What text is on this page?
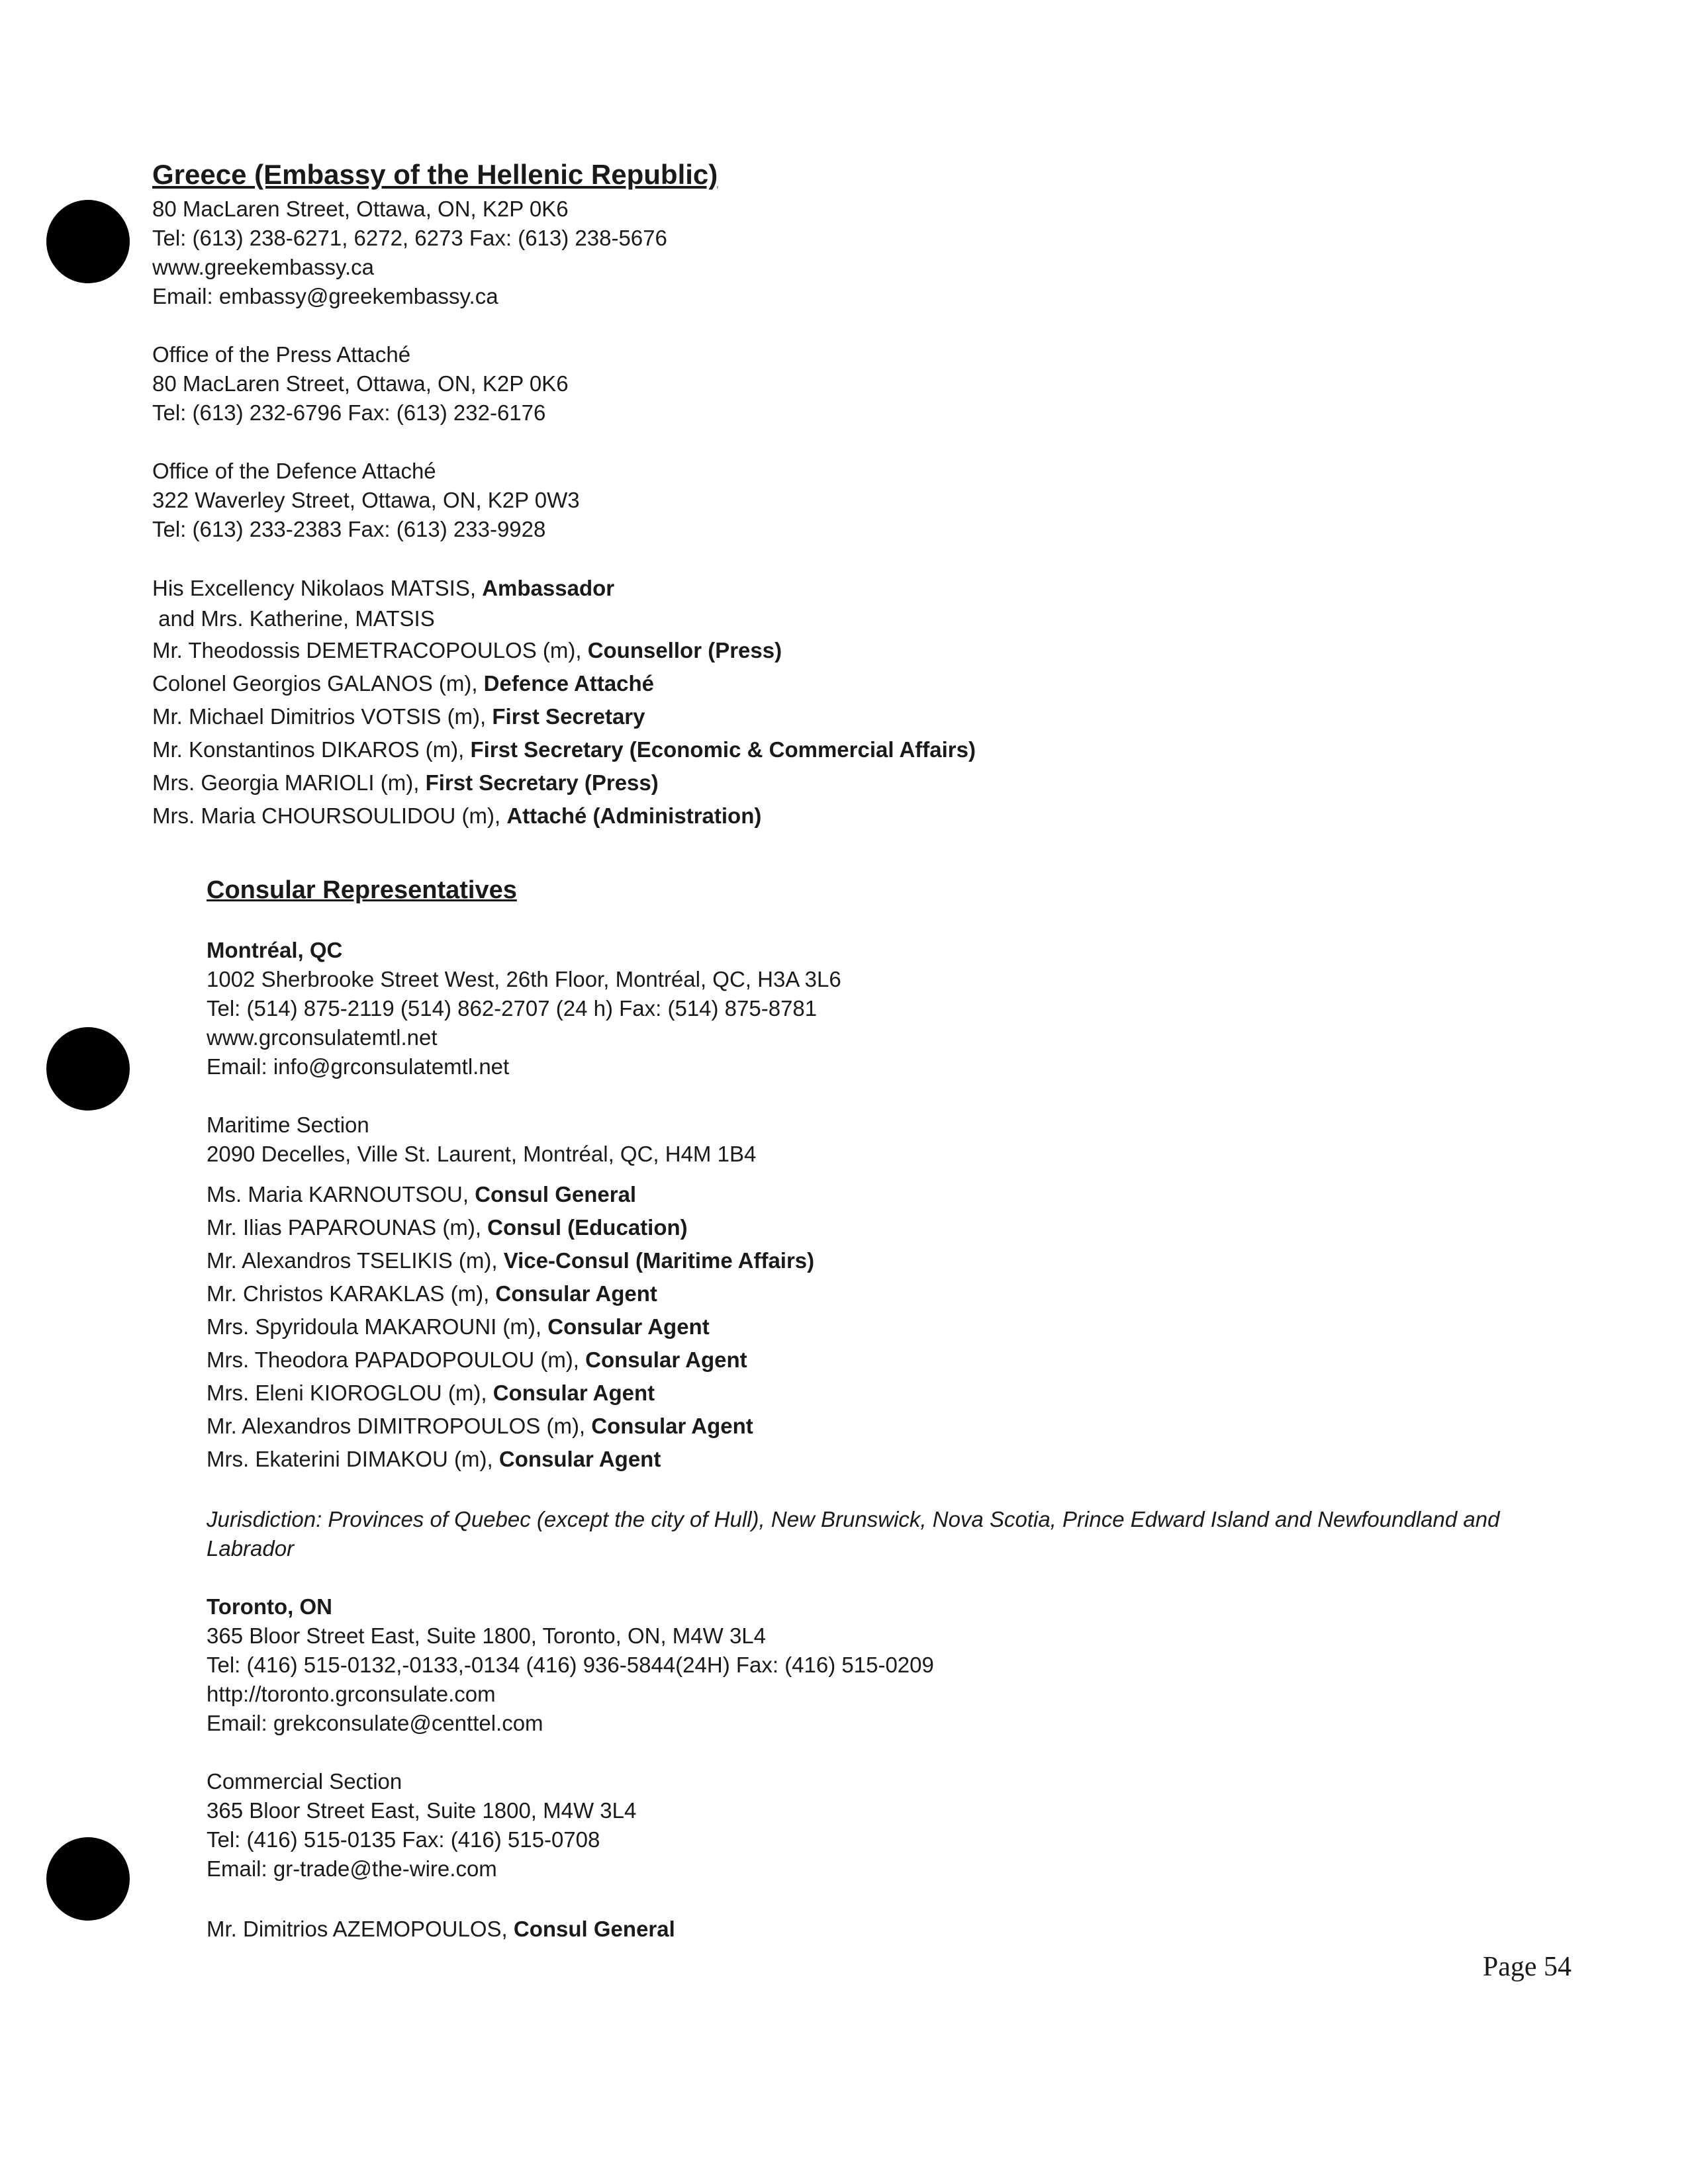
Greece (Embassy of the Hellenic Republic)
80 MacLaren Street, Ottawa, ON, K2P 0K6
Tel: (613) 238-6271, 6272, 6273 Fax: (613) 238-5676
www.greekembassy.ca
Email: embassy@greekembassy.ca
Office of the Press Attaché
80 MacLaren Street, Ottawa, ON, K2P 0K6
Tel: (613) 232-6796 Fax: (613) 232-6176
Office of the Defence Attaché
322 Waverley Street, Ottawa, ON, K2P 0W3
Tel: (613) 233-2383 Fax: (613) 233-9928
His Excellency Nikolaos MATSIS, Ambassador
and Mrs. Katherine, MATSIS
Mr. Theodossis DEMETRACOPOULOS (m), Counsellor (Press)
Colonel Georgios GALANOS (m), Defence Attaché
Mr. Michael Dimitrios VOTSIS (m), First Secretary
Mr. Konstantinos DIKAROS (m), First Secretary (Economic & Commercial Affairs)
Mrs. Georgia MARIOLI (m), First Secretary (Press)
Mrs. Maria CHOURSOULIDOU (m), Attaché (Administration)
Consular Representatives
Montréal, QC
1002 Sherbrooke Street West, 26th Floor, Montréal, QC, H3A 3L6
Tel: (514) 875-2119 (514) 862-2707 (24 h) Fax: (514) 875-8781
www.grconsulatemtl.net
Email: info@grconsulatemtl.net
Maritime Section
2090 Decelles, Ville St. Laurent, Montréal, QC, H4M 1B4
Ms. Maria KARNOUTSOU, Consul General
Mr. Ilias PAPAROUNAS (m), Consul (Education)
Mr. Alexandros TSELIKIS (m), Vice-Consul (Maritime Affairs)
Mr. Christos KARAKLAS (m), Consular Agent
Mrs. Spyridoula MAKAROUNI (m), Consular Agent
Mrs. Theodora PAPADOPOULOU (m), Consular Agent
Mrs. Eleni KIOROGLOU (m), Consular Agent
Mr. Alexandros DIMITROPOULOS (m), Consular Agent
Mrs. Ekaterini DIMAKOU (m), Consular Agent
Jurisdiction: Provinces of Quebec (except the city of Hull), New Brunswick, Nova Scotia, Prince Edward Island and Newfoundland and Labrador
Toronto, ON
365 Bloor Street East, Suite 1800, Toronto, ON, M4W 3L4
Tel: (416) 515-0132,-0133,-0134 (416) 936-5844(24H) Fax: (416) 515-0209
http://toronto.grconsulate.com
Email: grekconsulate@centtel.com
Commercial Section
365 Bloor Street East, Suite 1800, M4W 3L4
Tel: (416) 515-0135 Fax: (416) 515-0708
Email: gr-trade@the-wire.com
Mr. Dimitrios AZEMOPOULOS, Consul General
Page 54
